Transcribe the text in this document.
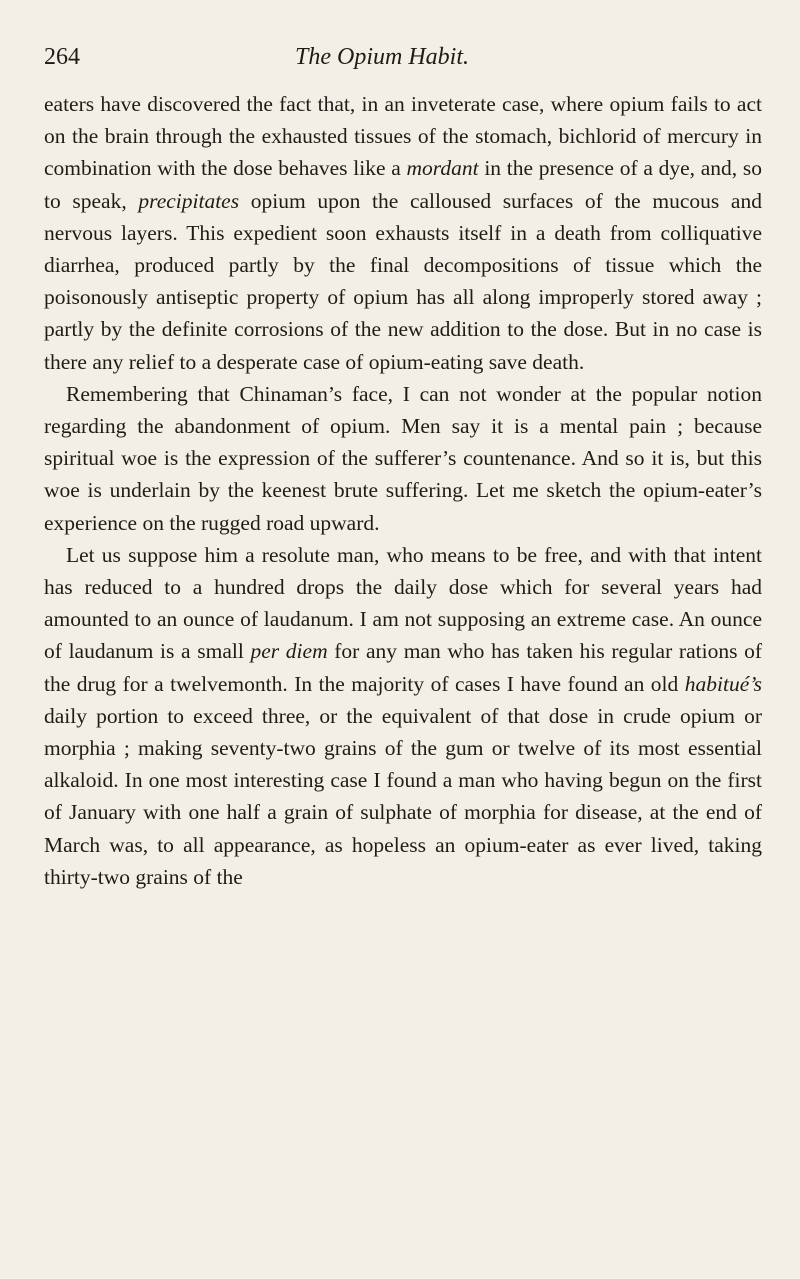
264	The Opium Habit.

eaters have discovered the fact that, in an inveterate case, where opium fails to act on the brain through the exhausted tissues of the stomach, bichlorid of mercury in combination with the dose behaves like a mordant in the presence of a dye, and, so to speak, precipitates opium upon the calloused surfaces of the mucous and nervous layers. This expedient soon exhausts itself in a death from colliquative diarrhea, produced partly by the final decompositions of tissue which the poisonously antiseptic property of opium has all along improperly stored away ; partly by the definite corrosions of the new addition to the dose. But in no case is there any relief to a desperate case of opium-eating save death.

Remembering that Chinaman’s face, I can not wonder at the popular notion regarding the abandonment of opium. Men say it is a mental pain ; because spiritual woe is the expression of the sufferer’s countenance. And so it is, but this woe is underlain by the keenest brute suffering. Let me sketch the opium-eater’s experience on the rugged road upward.

Let us suppose him a resolute man, who means to be free, and with that intent has reduced to a hundred drops the daily dose which for several years had amounted to an ounce of laudanum. I am not supposing an extreme case. An ounce of laudanum is a small per diem for any man who has taken his regular rations of the drug for a twelvemonth. In the majority of cases I have found an old habitué’s daily portion to exceed three, or the equivalent of that dose in crude opium or morphia ; making seventy-two grains of the gum or twelve of its most essential alkaloid. In one most interesting case I found a man who having begun on the first of January with one half a grain of sulphate of morphia for disease, at the end of March was, to all appearance, as hopeless an opium-eater as ever lived, taking thirty-two grains of the
